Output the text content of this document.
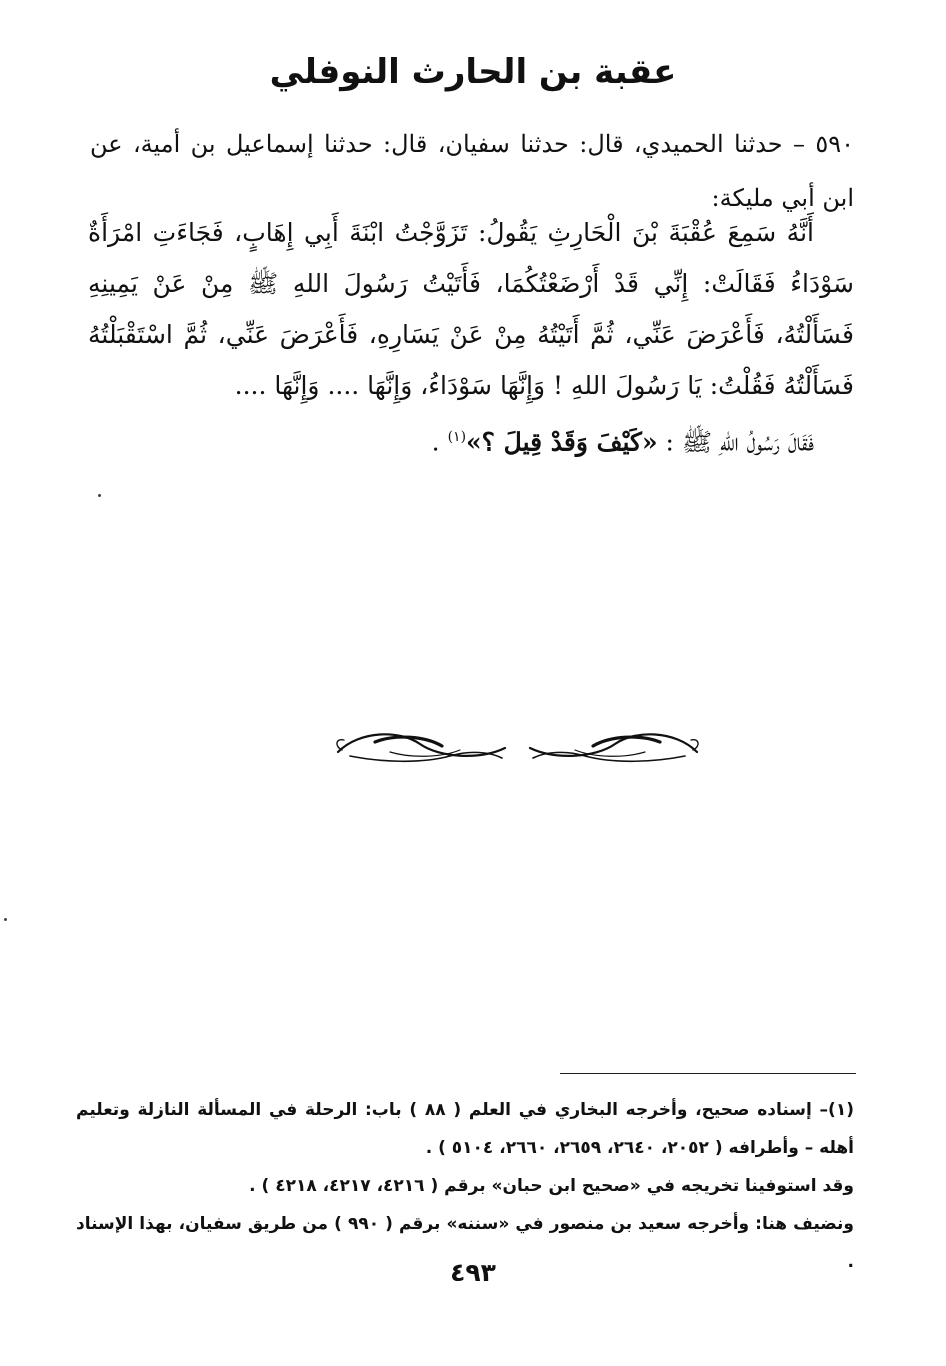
عقبة بن الحارث النوفلي
٥٩٠ – حدثنا الحميدي، قال: حدثنا سفيان، قال: حدثنا إسماعيل بن أمية، عن ابن أبي مليكة:
أَنَّهُ سَمِعَ عُقْبَةَ بْنَ الْحَارِثِ يَقُولُ: تَزَوَّجْتُ ابْنَةَ أَبِي إِهَابٍ، فَجَاءَتِ امْرَأَةٌ سَوْدَاءُ فَقَالَتْ: إِنِّي قَدْ أَرْضَعْتُكُمَا، فَأَتَيْتُ رَسُولَ اللهِ ﷺ مِنْ عَنْ يَمِينِهِ فَسَأَلْتُهُ، فَأَعْرَضَ عَنِّي، ثُمَّ أَتَيْتُهُ مِنْ عَنْ يَسَارِهِ، فَأَعْرَضَ عَنِّي، ثُمَّ اسْتَقْبَلْتُهُ فَسَأَلْتُهُ فَقُلْتُ: يَا رَسُولَ اللهِ ! وَإِنَّهَا سَوْدَاءُ، وَإِنَّهَا .... وَإِنَّهَا ....
فَقَالَ رَسُولُ اللهِ ﷺ : «كَيْفَ وَقَدْ قِيلَ ؟»$^{(١)}$ .

(١)– إسناده صحيح، وأخرجه البخاري في العلم ( ٨٨ ) باب: الرحلة في المسألة النازلة وتعليم أهله – وأطرافه ( ٢٠٥٢، ٢٦٤٠، ٢٦٥٩، ٢٦٦٠، ٥١٠٤ ) .

وقد استوفينا تخريجه في «صحيح ابن حبان» برقم ( ٤٢١٦، ٤٢١٧، ٤٢١٨ ) .

ونضيف هنا: وأخرجه سعيد بن منصور في «سننه» برقم ( ٩٩٠ ) من طريق سفيان، بهذا الإسناد .

٤٩٣
